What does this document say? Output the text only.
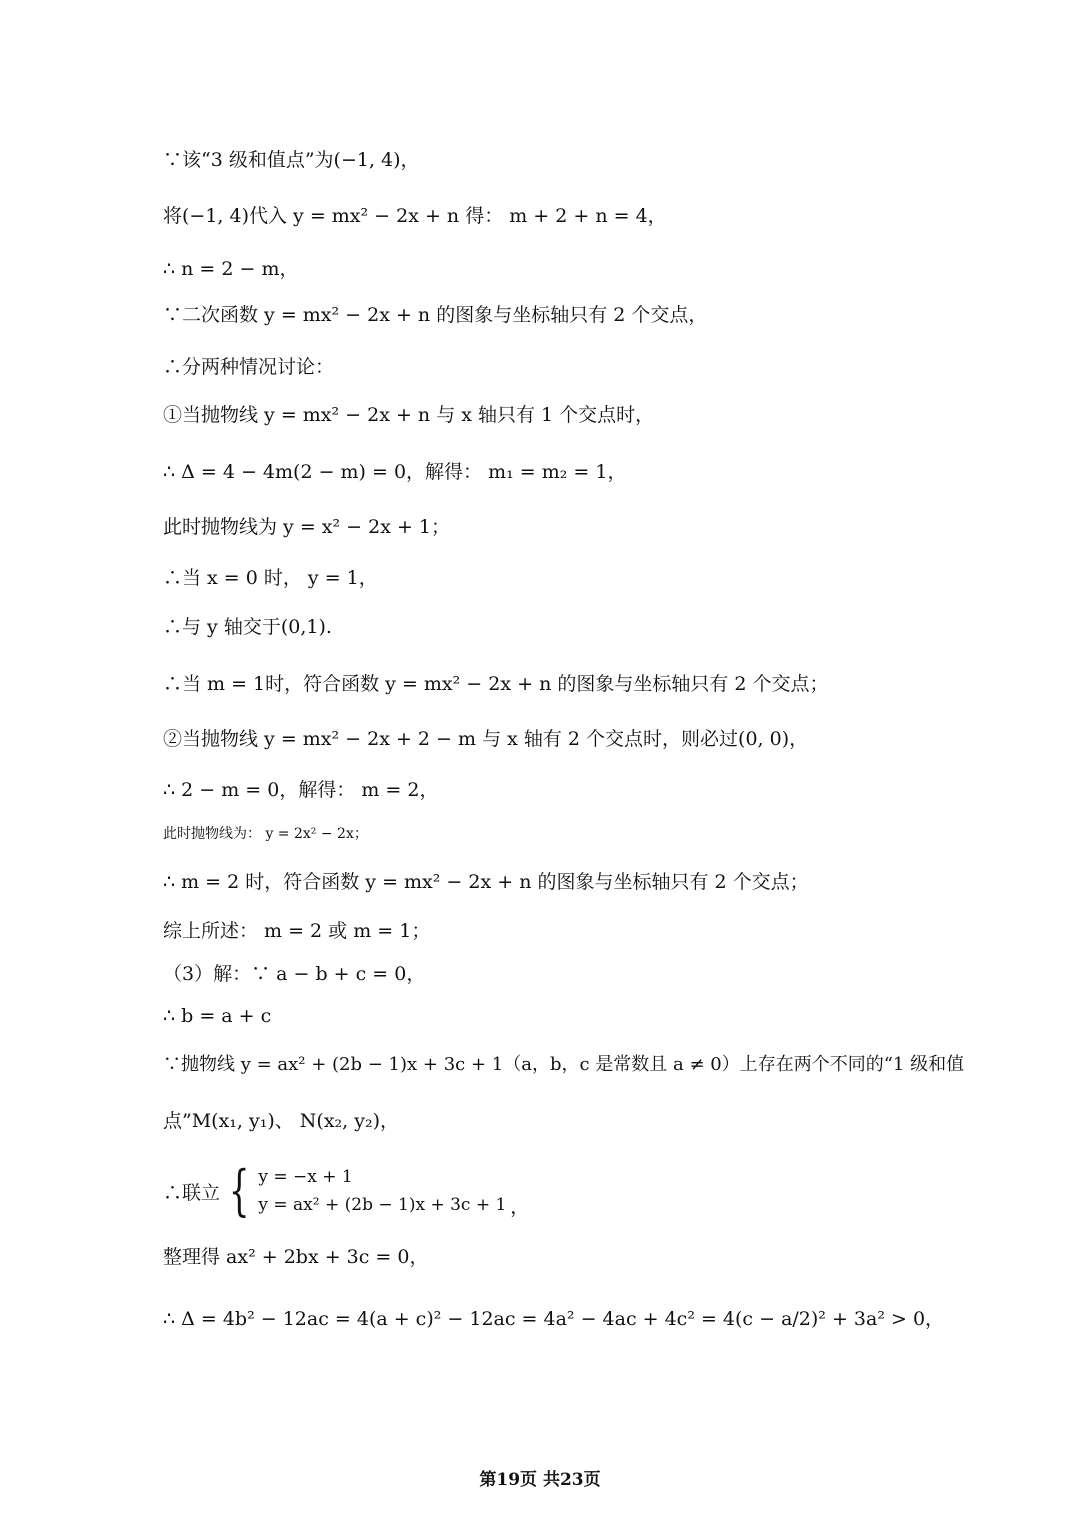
∵该“3 级和值点”为(−1, 4)，
将(−1, 4)代入 y = mx² − 2x + n 得： m + 2 + n = 4，
∴ n = 2 − m，
∵二次函数 y = mx² − 2x + n 的图象与坐标轴只有 2 个交点，
∴分两种情况讨论：
①当抛物线 y = mx² − 2x + n 与 x 轴只有 1 个交点时，
∴ Δ = 4 − 4m(2 − m) = 0，解得： m₁ = m₂ = 1，
此时抛物线为 y = x² − 2x + 1；
∴当 x = 0 时， y = 1，
∴与 y 轴交于(0,1).
∴当 m = 1时，符合函数 y = mx² − 2x + n 的图象与坐标轴只有 2 个交点；
②当抛物线 y = mx² − 2x + 2 − m 与 x 轴有 2 个交点时，则必过(0, 0)，
∴ 2 − m = 0，解得： m = 2，
此时抛物线为： y = 2x² − 2x；
∴ m = 2 时，符合函数 y = mx² − 2x + n 的图象与坐标轴只有 2 个交点；
综上所述： m = 2 或 m = 1；
（3）解：∵ a − b + c = 0，
∴ b = a + c
∵抛物线 y = ax² + (2b − 1)x + 3c + 1（a，b，c 是常数且 a ≠ 0）上存在两个不同的“1 级和值
点”M(x₁, y₁)、 N(x₂, y₂)，
∴联立 { y = −x + 1
y = ax² + (2b − 1)x + 3c + 1 ，
整理得 ax² + 2bx + 3c = 0，
∴ Δ = 4b² − 12ac = 4(a + c)² − 12ac = 4a² − 4ac + 4c² = 4(c − a/2)² + 3a² > 0，
第19页 共23页
